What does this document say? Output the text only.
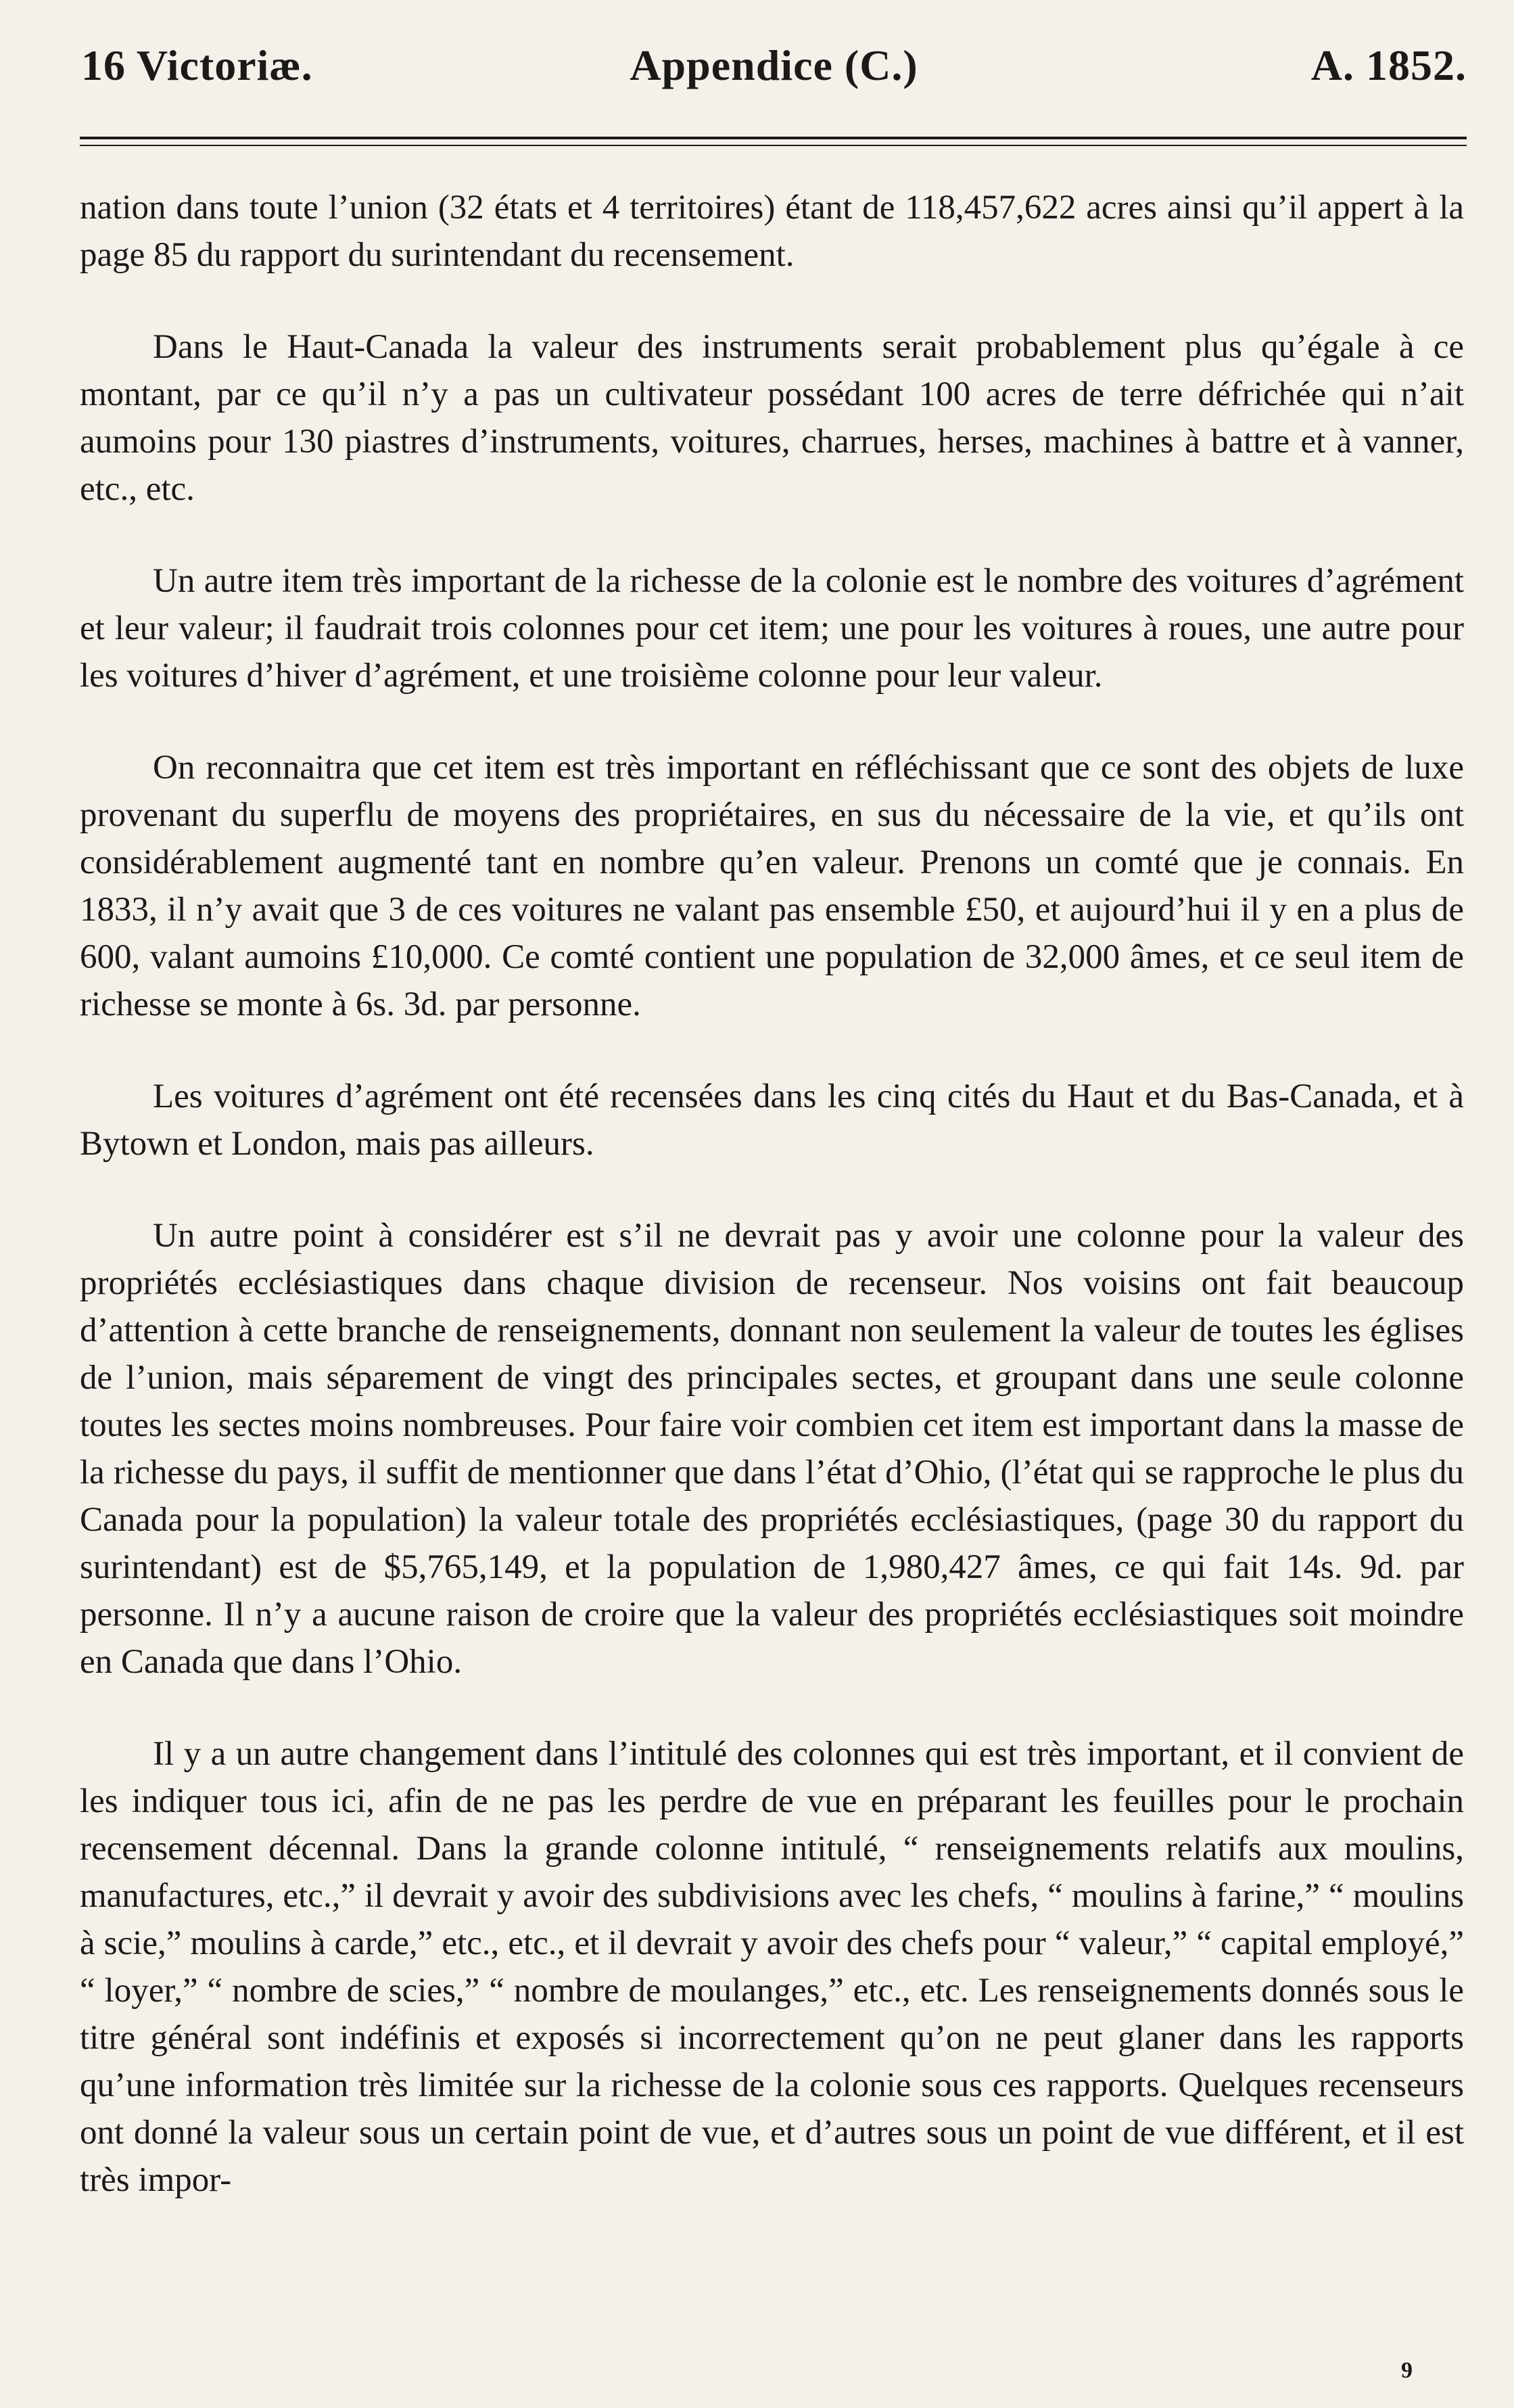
16 Victoriæ.	Appendice (C.)	A. 1852.

nation dans toute l’union (32 états et 4 territoires) étant de 118,457,622 acres ainsi qu’il appert à la page 85 du rapport du surintendant du recensement.

Dans le Haut-Canada la valeur des instruments serait probablement plus qu’égale à ce montant, par ce qu’il n’y a pas un cultivateur possédant 100 acres de terre défrichée qui n’ait aumoins pour 130 piastres d’instruments, voitures, charrues, herses, machines à battre et à vanner, etc., etc.

Un autre item très important de la richesse de la colonie est le nombre des voitures d’agrément et leur valeur; il faudrait trois colonnes pour cet item; une pour les voitures à roues, une autre pour les voitures d’hiver d’agrément, et une troisième colonne pour leur valeur.

On reconnaitra que cet item est très important en réfléchissant que ce sont des objets de luxe provenant du superflu de moyens des propriétaires, en sus du nécessaire de la vie, et qu’ils ont considérablement augmenté tant en nombre qu’en valeur. Prenons un comté que je connais. En 1833, il n’y avait que 3 de ces voitures ne valant pas ensemble £50, et aujourd’hui il y en a plus de 600, valant aumoins £10,000. Ce comté contient une population de 32,000 âmes, et ce seul item de richesse se monte à 6s. 3d. par personne.

Les voitures d’agrément ont été recensées dans les cinq cités du Haut et du Bas-Canada, et à Bytown et London, mais pas ailleurs.

Un autre point à considérer est s’il ne devrait pas y avoir une colonne pour la valeur des propriétés ecclésiastiques dans chaque division de recenseur. Nos voisins ont fait beaucoup d’attention à cette branche de renseignements, donnant non seulement la valeur de toutes les églises de l’union, mais séparement de vingt des principales sectes, et groupant dans une seule colonne toutes les sectes moins nombreuses. Pour faire voir combien cet item est important dans la masse de la richesse du pays, il suffit de mentionner que dans l’état d’Ohio, (l’état qui se rapproche le plus du Canada pour la population) la valeur totale des propriétés ecclésiastiques, (page 30 du rapport du surintendant) est de $5,765,149, et la population de 1,980,427 âmes, ce qui fait 14s. 9d. par personne. Il n’y a aucune raison de croire que la valeur des propriétés ecclésiastiques soit moindre en Canada que dans l’Ohio.

Il y a un autre changement dans l’intitulé des colonnes qui est très important, et il convient de les indiquer tous ici, afin de ne pas les perdre de vue en préparant les feuilles pour le prochain recensement décennal. Dans la grande colonne intitulé, “ renseignements relatifs aux moulins, manufactures, etc.,” il devrait y avoir des subdivisions avec les chefs, “ moulins à farine,” “ moulins à scie,” moulins à carde,” etc., etc., et il devrait y avoir des chefs pour “ valeur,” “ capital employé,” “ loyer,” “ nombre de scies,” “ nombre de moulanges,” etc., etc. Les renseignements donnés sous le titre général sont indéfinis et exposés si incorrectement qu’on ne peut glaner dans les rapports qu’une information très limitée sur la richesse de la colonie sous ces rapports. Quelques recenseurs ont donné la valeur sous un certain point de vue, et d’autres sous un point de vue différent, et il est très impor-

9
